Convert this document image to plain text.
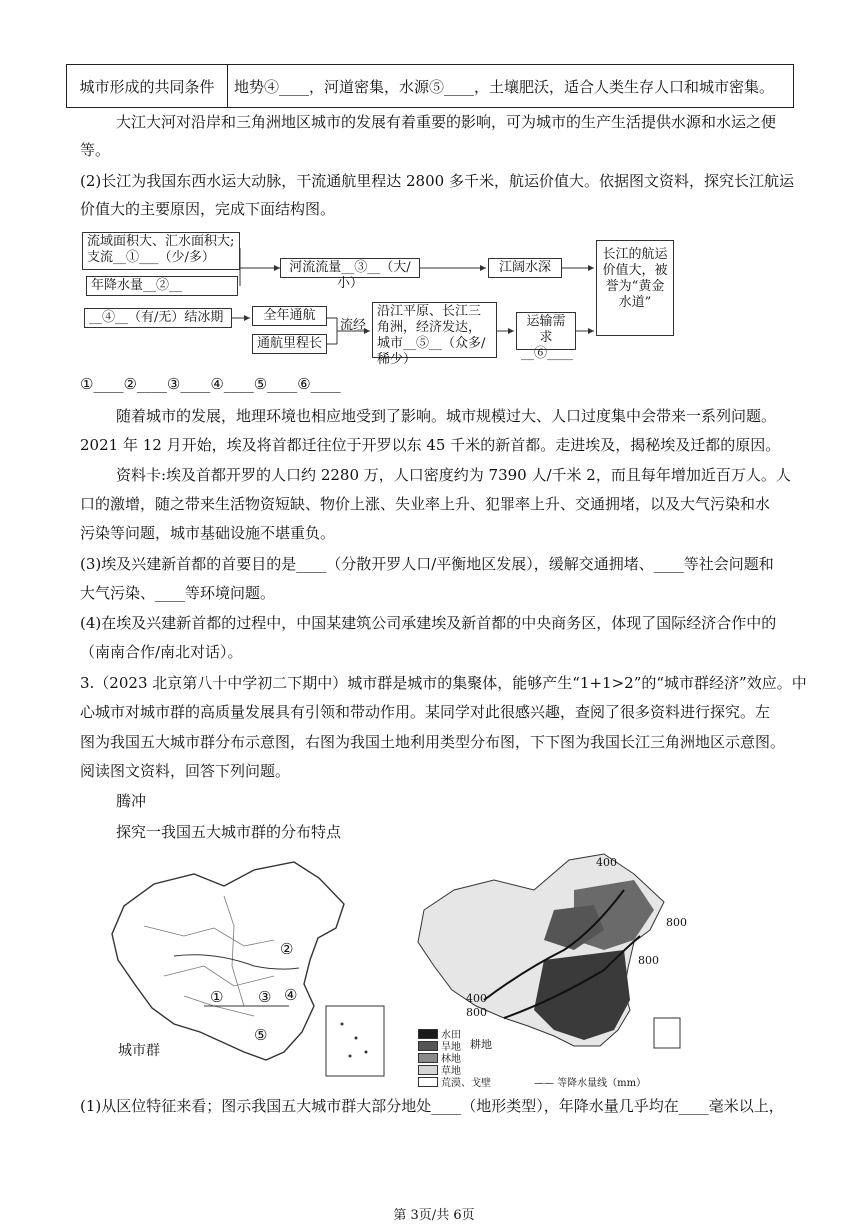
城市形成的共同条件	地势④____，河道密集，水源⑤____，土壤肥沃，适合人类生存人口和城市密集。
大江大河对沿岸和三角洲地区城市的发展有着重要的影响，可为城市的生产生活提供水源和水运之便
等。
(2)长江为我国东西水运大动脉，干流通航里程达 2800 多千米，航运价值大。依据图文资料，探究长江航运
价值大的主要原因，完成下面结构图。
流域面积大、汇水面积大;支流__①___（少/多）
年降水量__②__
河流流量__③__（大/小）
江阔水深
长江的航运价值大，被誉为“黄金水道”
__④__（有/无）结冰期	全年通航
通航里程长
流经
沿江平原、长江三角洲，经济发达，城市__⑤__（众多/稀少）
运输需求__⑥____
①____②____③____④____⑤____⑥____
随着城市的发展，地理环境也相应地受到了影响。城市规模过大、人口过度集中会带来一系列问题。
2021 年 12 月开始，埃及将首都迁往位于开罗以东 45 千米的新首都。走进埃及，揭秘埃及迁都的原因。
资料卡:埃及首都开罗的人口约 2280 万，人口密度约为 7390 人/千米 2，而且每年增加近百万人。人
口的激增，随之带来生活物资短缺、物价上涨、失业率上升、犯罪率上升、交通拥堵，以及大气污染和水
污染等问题，城市基础设施不堪重负。
(3)埃及兴建新首都的首要目的是____（分散开罗人口/平衡地区发展），缓解交通拥堵、____等社会问题和
大气污染、____等环境问题。
(4)在埃及兴建新首都的过程中，中国某建筑公司承建埃及新首都的中央商务区，体现了国际经济合作中的
（南南合作/南北对话）。
3.（2023 北京第八十中学初二下期中）城市群是城市的集聚体，能够产生“1+1>2”的“城市群经济”效应。中
心城市对城市群的高质量发展具有引领和带动作用。某同学对此很感兴趣，查阅了很多资料进行探究。左
图为我国五大城市群分布示意图，右图为我国土地利用类型分布图，下下图为我国长江三角洲地区示意图。
阅读图文资料，回答下列问题。
腾冲
探究一我国五大城市群的分布特点
①
②
③ ④
⑤
城市群
400
800
800
400
800
水田
旱地
林地
草地
荒漠、戈壁
耕地
—— 等降水量线（mm）
(1)从区位特征来看；图示我国五大城市群大部分地处____（地形类型），年降水量几乎均在____毫米以上，
第 3页/共 6页
